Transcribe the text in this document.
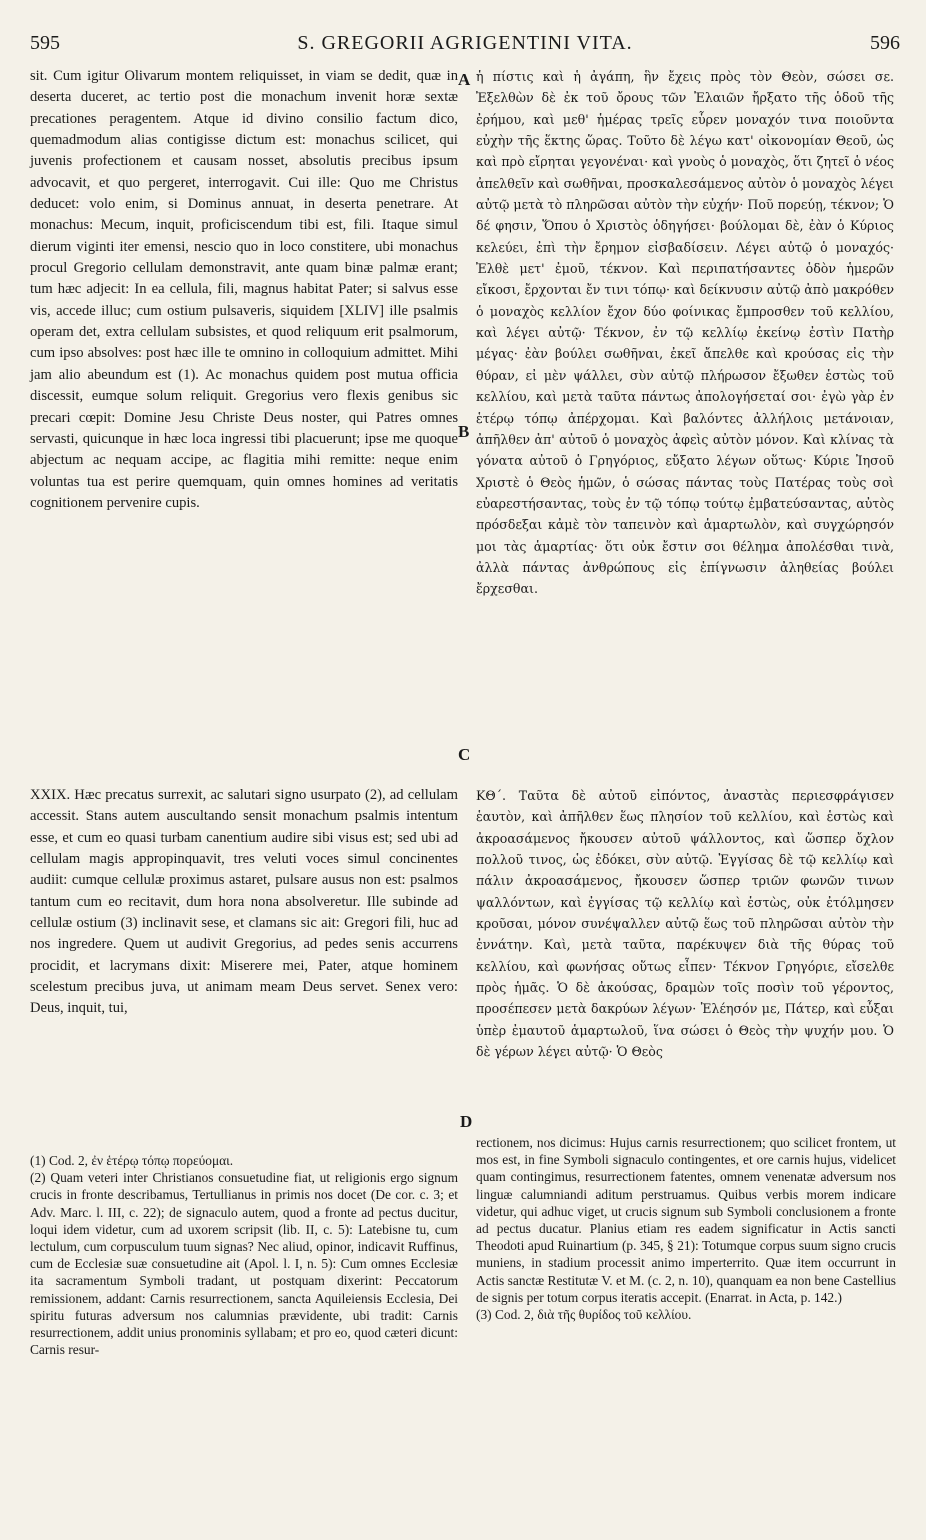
595	S. GREGORII AGRIGENTINI VITA.	596

sit. Cum igitur Olivarum montem reliquisset, in viam se dedit, quæ in deserta duceret, ac tertio post die monachum invenit horæ sextæ precationes peragentem. Atque id divino consilio factum dico, quemadmodum alias contigisse dictum est: monachus scilicet, qui juvenis profectionem et causam nosset, absolutis precibus ipsum advocavit, et quo pergeret, interrogavit. Cui ille: Quo me Christus deducet: volo enim, si Dominus annuat, in deserta penetrare. At monachus: Mecum, inquit, proficiscendum tibi est, fili. Itaque simul dierum viginti iter emensi, nescio quo in loco constitere, ubi monachus procul Gregorio cellulam demonstravit, ante quam binæ palmæ erant; tum hæc adjecit: In ea cellula, fili, magnus habitat Pater; si salvus esse vis, accede illuc; cum ostium pulsaveris, siquidem [XLIV] ille psalmis operam det, extra cellulam subsistes, et quod reliquum erit psalmorum, cum ipso absolves: post hæc ille te omnino in colloquium admittet. Mihi jam alio abeundum est (1). Ac monachus quidem post mutua officia discessit, eumque solum reliquit. Gregorius vero flexis genibus sic precari cœpit: Domine Jesu Christe Deus noster, qui Patres omnes servasti, quicunque in hæc loca ingressi tibi placuerunt; ipse me quoque abjectum ac nequam accipe, ac flagitia mihi remitte: neque enim voluntas tua est perire quemquam, quin omnes homines ad veritatis cognitionem pervenire cupis.

ἡ πίστις καὶ ἡ ἀγάπη, ἣν ἔχεις πρὸς τὸν Θεὸν, σώσει σε. Ἐξελθὼν δὲ ἐκ τοῦ ὄρους τῶν Ἐλαιῶν ἤρξατο τῆς ὁδοῦ τῆς ἐρήμου, καὶ μεθ' ἡμέρας τρεῖς εὗρεν μοναχόν τινα ποιοῦντα εὐχὴν τῆς ἕκτης ὥρας. Τοῦτο δὲ λέγω κατ' οἰκονομίαν Θεοῦ, ὡς καὶ πρὸ εἴρηται γεγονέναι· καὶ γνοὺς ὁ μοναχὸς, ὅτι ζητεῖ ὁ νέος ἀπελθεῖν καὶ σωθῆναι, προσκαλεσάμενος αὐτὸν ὁ μοναχὸς λέγει αὐτῷ μετὰ τὸ πληρῶσαι αὐτὸν τὴν εὐχήν· Ποῦ πορεύῃ, τέκνον; Ὁ δέ φησιν, Ὅπου ὁ Χριστὸς ὁδηγήσει· βούλομαι δὲ, ἐὰν ὁ Κύριος κελεύει, ἐπὶ τὴν ἔρημον εἰσβαδίσειν. Λέγει αὐτῷ ὁ μοναχός· Ἐλθὲ μετ' ἐμοῦ, τέκνον. Καὶ περιπατήσαντες ὁδὸν ἡμερῶν εἴκοσι, ἔρχονται ἔν τινι τόπῳ· καὶ δείκνυσιν αὐτῷ ἀπὸ μακρόθεν ὁ μοναχὸς κελλίον ἔχον δύο φοίνικας ἔμπροσθεν τοῦ κελλίου, καὶ λέγει αὐτῷ· Τέκνον, ἐν τῷ κελλίῳ ἐκείνῳ ἐστὶν Πατὴρ μέγας· ἐὰν βούλει σωθῆναι, ἐκεῖ ἄπελθε καὶ κρούσας εἰς τὴν θύραν, εἰ μὲν ψάλλει, σὺν αὐτῷ πλήρωσον ἔξωθεν ἑστὼς τοῦ κελλίου, καὶ μετὰ ταῦτα πάντως ἀπολογήσεταί σοι· ἐγὼ γὰρ ἐν ἑτέρῳ τόπῳ ἀπέρχομαι. Καὶ βαλόντες ἀλλήλοις μετάνοιαν, ἀπῆλθεν ἀπ' αὐτοῦ ὁ μοναχὸς ἀφεὶς αὐτὸν μόνον. Καὶ κλίνας τὰ γόνατα αὐτοῦ ὁ Γρηγόριος, εὔξατο λέγων οὕτως· Κύριε Ἰησοῦ Χριστὲ ὁ Θεὸς ἡμῶν, ὁ σώσας πάντας τοὺς Πατέρας τοὺς σοὶ εὐαρεστήσαντας, τοὺς ἐν τῷ τόπῳ τούτῳ ἐμβατεύσαντας, αὐτὸς πρόσδεξαι κἀμὲ τὸν ταπεινὸν καὶ ἁμαρτωλὸν, καὶ συγχώρησόν μοι τὰς ἁμαρτίας· ὅτι οὐκ ἔστιν σοι θέλημα ἀπολέσθαι τινὰ, ἀλλὰ πάντας ἀνθρώπους εἰς ἐπίγνωσιν ἀληθείας βούλει ἔρχεσθαι.

A
B
C
D

XXIX. Hæc precatus surrexit, ac salutari signo usurpato (2), ad cellulam accessit. Stans autem auscultando sensit monachum psalmis intentum esse, et cum eo quasi turbam canentium audire sibi visus est; sed ubi ad cellulam magis appropinquavit, tres veluti voces simul concinentes audiit: cumque cellulæ proximus astaret, pulsare ausus non est: psalmos tantum cum eo recitavit, dum hora nona absolveretur. Ille subinde ad cellulæ ostium (3) inclinavit sese, et clamans sic ait: Gregori fili, huc ad nos ingredere. Quem ut audivit Gregorius, ad pedes senis accurrens procidit, et lacrymans dixit: Miserere mei, Pater, atque hominem scelestum precibus juva, ut animam meam Deus servet. Senex vero: Deus, inquit, tui,

ΚΘ΄. Ταῦτα δὲ αὐτοῦ εἰπόντος, ἀναστὰς περιεσφράγισεν ἑαυτὸν, καὶ ἀπῆλθεν ἕως πλησίον τοῦ κελλίου, καὶ ἑστὼς καὶ ἀκροασάμενος ἤκουσεν αὐτοῦ ψάλλοντος, καὶ ὥσπερ ὄχλον πολλοῦ τινος, ὡς ἐδόκει, σὺν αὐτῷ. Ἐγγίσας δὲ τῷ κελλίῳ καὶ πάλιν ἀκροασάμενος, ἤκουσεν ὥσπερ τριῶν φωνῶν τινων ψαλλόντων, καὶ ἐγγίσας τῷ κελλίῳ καὶ ἑστὼς, οὐκ ἐτόλμησεν κροῦσαι, μόνον συνέψαλλεν αὐτῷ ἕως τοῦ πληρῶσαι αὐτὸν τὴν ἐννάτην. Καὶ, μετὰ ταῦτα, παρέκυψεν διὰ τῆς θύρας τοῦ κελλίου, καὶ φωνήσας οὕτως εἶπεν· Τέκνον Γρηγόριε, εἴσελθε πρὸς ἡμᾶς. Ὁ δὲ ἀκούσας, δραμὼν τοῖς ποσὶν τοῦ γέροντος, προσέπεσεν μετὰ δακρύων λέγων· Ἐλέησόν με, Πάτερ, καὶ εὖξαι ὑπὲρ ἐμαυτοῦ ἁμαρτωλοῦ, ἵνα σώσει ὁ Θεὸς τὴν ψυχήν μου. Ὁ δὲ γέρων λέγει αὐτῷ· Ὁ Θεὸς

(1) Cod. 2, ἐν ἑτέρῳ τόπῳ πορεύομαι.

(2) Quam veteri inter Christianos consuetudine fiat, ut religionis ergo signum crucis in fronte describamus, Tertullianus in primis nos docet (De cor. c. 3; et Adv. Marc. l. III, c. 22); de signaculo autem, quod a fronte ad pectus ducitur, loqui idem videtur, cum ad uxorem scripsit (lib. II, c. 5): Latebisne tu, cum lectulum, cum corpusculum tuum signas? Nec aliud, opinor, indicavit Ruffinus, cum de Ecclesiæ suæ consuetudine ait (Apol. l. I, n. 5): Cum omnes Ecclesiæ ita sacramentum Symboli tradant, ut postquam dixerint: Peccatorum remissionem, addant: Carnis resurrectionem, sancta Aquileiensis Ecclesia, Dei spiritu futuras adversum nos calumnias prævidente, ubi tradit: Carnis resurrectionem, addit unius pronominis syllabam; et pro eo, quod cæteri dicunt: Carnis resur-

rectionem, nos dicimus: Hujus carnis resurrectionem; quo scilicet frontem, ut mos est, in fine Symboli signaculo contingentes, et ore carnis hujus, videlicet quam contingimus, resurrectionem fatentes, omnem venenatæ adversum nos linguæ calumniandi aditum perstruamus. Quibus verbis morem indicare videtur, qui adhuc viget, ut crucis signum sub Symboli conclusionem a fronte ad pectus ducatur. Planius etiam res eadem significatur in Actis sancti Theodoti apud Ruinartium (p. 345, § 21): Totumque corpus suum signo crucis muniens, in stadium processit animo imperterrito. Quæ item occurrunt in Actis sanctæ Restitutæ V. et M. (c. 2, n. 10), quanquam ea non bene Castellius de signis per totum corpus iteratis accepit. (Enarrat. in Acta, p. 142.)

(3) Cod. 2, διὰ τῆς θυρίδος τοῦ κελλίου.
